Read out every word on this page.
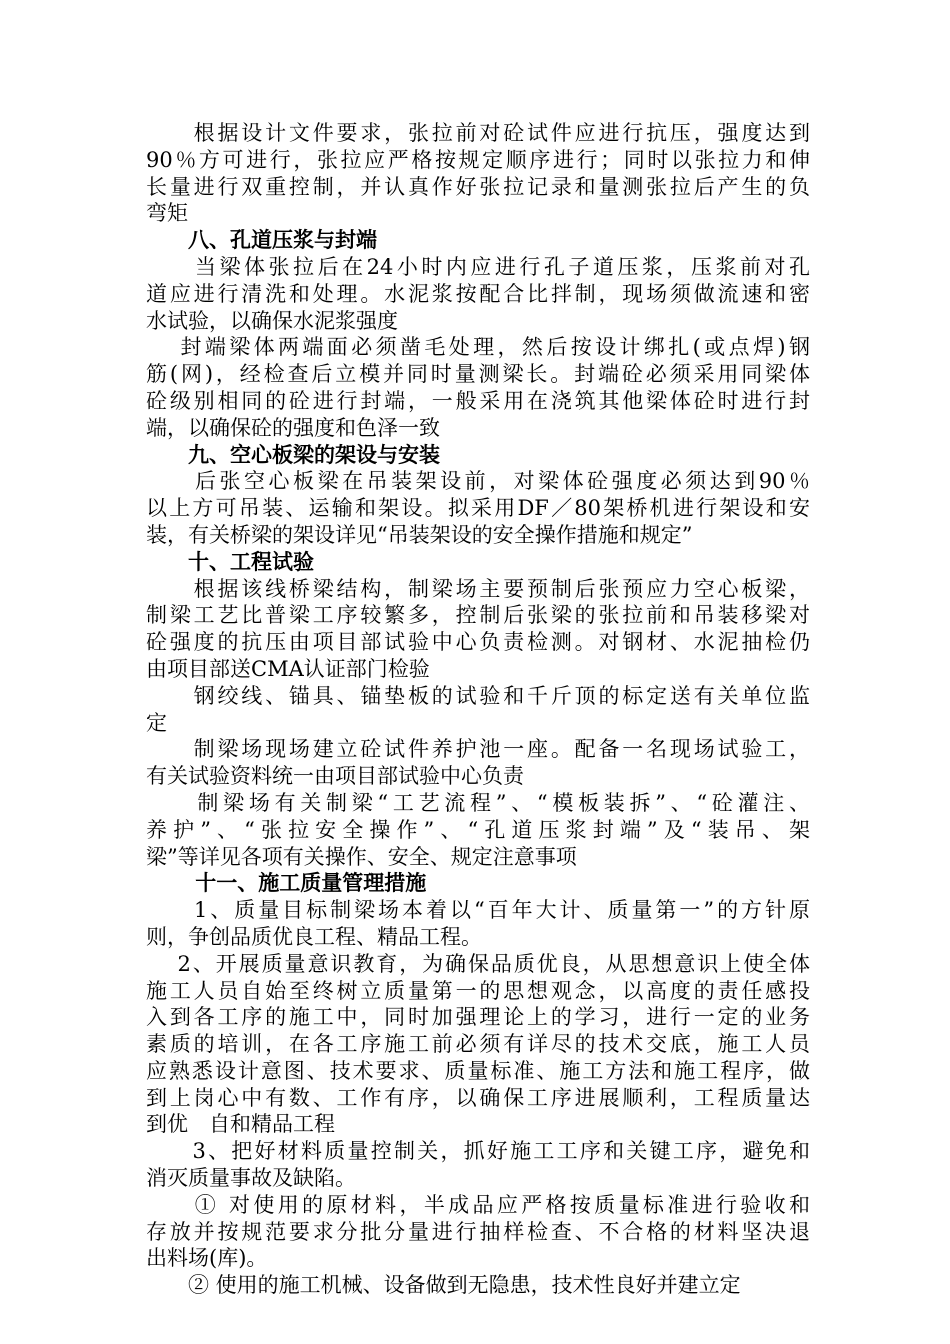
　　根据设计文件要求，张拉前对砼试件应进行抗压，强度达到
90％方可进行，张拉应严格按规定顺序进行；同时以张拉力和伸
长量进行双重控制，并认真作好张拉记录和量测张拉后产生的负
弯矩
　　八、孔道压浆与封端
　　当梁体张拉后在24小时内应进行孔子道压浆，压浆前对孔
道应进行清洗和处理。水泥浆按配合比拌制，现场须做流速和密
水试验，以确保水泥浆强度
　 封端梁体两端面必须凿毛处理，然后按设计绑扎(或点焊)钢
筋(网)，经检查后立模并同时量测梁长。封端砼必须采用同梁体
砼级别相同的砼进行封端，一般采用在浇筑其他梁体砼时进行封
端，以确保砼的强度和色泽一致
　　九、空心板梁的架设与安装
　　后张空心板梁在吊装架设前，对梁体砼强度必须达到90％
以上方可吊装、运输和架设。拟采用DF／80架桥机进行架设和安
装，有关桥梁的架设详见“吊装架设的安全操作措施和规定”
　　十、工程试验
　　根据该线桥梁结构，制梁场主要预制后张预应力空心板梁，
制梁工艺比普梁工序较繁多，控制后张梁的张拉前和吊装移梁对
砼强度的抗压由项目部试验中心负责检测。对钢材、水泥抽检仍
由项目部送CMA认证部门检验
　　钢绞线、锚具、锚垫板的试验和千斤顶的标定送有关单位监
定
　　制梁场现场建立砼试件养护池一座。配备一名现场试验工，
有关试验资料统一由项目部试验中心负责
　　制梁场有关制梁“工艺流程”、“模板装拆”、“砼灌注、
养护”、“张拉安全操作”、“孔道压浆封端”及“装吊、架
梁”等详见各项有关操作、安全、规定注意事项
　　 十一、施工质量管理措施
　　1、质量目标制梁场本着以“百年大计、质量第一”的方针原
则，争创品质优良工程、精品工程。
　 2、开展质量意识教育，为确保品质优良，从思想意识上使全体
施工人员自始至终树立质量第一的思想观念，以高度的责任感投
入到各工序的施工中，同时加强理论上的学习，进行一定的业务
素质的培训，在各工序施工前必须有详尽的技术交底，施工人员
应熟悉设计意图、技术要求、质量标准、施工方法和施工程序，做
到上岗心中有数、工作有序，以确保工序进展顺利，工程质量达
到优　自和精品工程
　　3、把好材料质量控制关，抓好施工工序和关键工序，避免和
消灭质量事故及缺陷。
　　① 对使用的原材料，半成品应严格按质量标准进行验收和
存放并按规范要求分批分量进行抽样检查、不合格的材料坚决退
出料场(库)。
　　② 使用的施工机械、设备做到无隐患，技术性良好并建立定
